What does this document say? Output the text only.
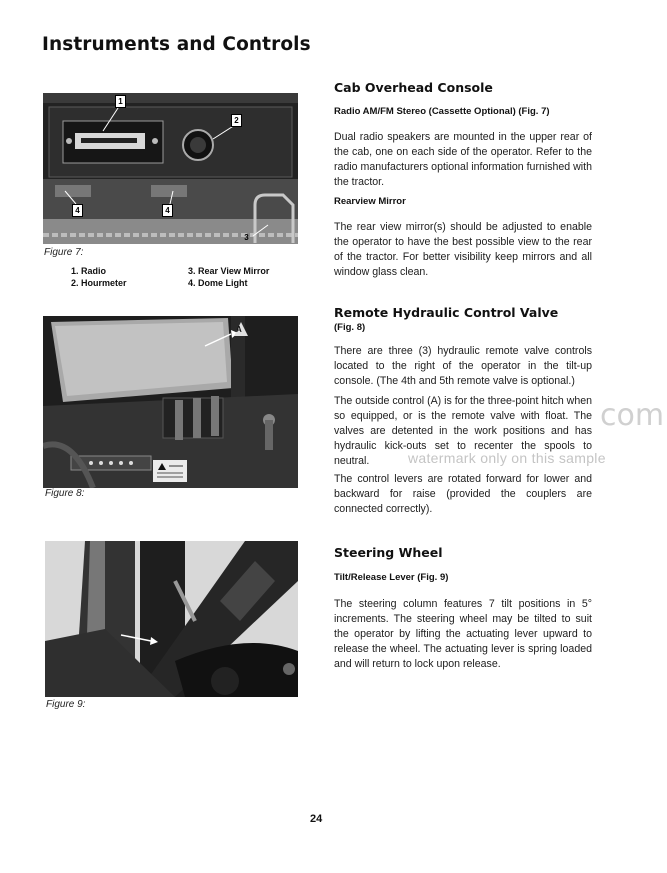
Instruments and Controls
1
2
4	4
3
Figure 7:
1. Radio	3. Rear View Mirror
2. Hourmeter	4. Dome Light
A
Figure 8:
Figure 9:
Cab Overhead Console
Radio AM/FM Stereo (Cassette Optional) (Fig. 7)

Dual radio speakers are mounted in the upper rear of the cab, one on each side of the operator. Refer to the radio manufacturers optional information furnished with the tractor.

Rearview Mirror

The rear view mirror(s) should be adjusted to enable the operator to have the best possible view to the rear of the tractor. For better visibility keep mirrors and all window glass clean.

Remote Hydraulic Control Valve
(Fig. 8)

There are three (3) hydraulic remote valve controls located to the right of the operator in the tilt-up console. (The 4th and 5th remote valve is optional.)

The outside control (A) is for the three-point hitch when so equipped, or is the remote valve with float. The valves are detented in the work positions and has hydraulic kick-outs set to recenter the spools to neutral.

The control levers are rotated forward for lower and backward for raise (provided the couplers are connected correctly).

Steering Wheel
Tilt/Release Lever (Fig. 9)

The steering column features 7 tilt positions in 5° increments. The steering wheel may be tilted to suit the operator by lifting the actuating lever upward to release the wheel. The actuating lever is spring loaded and will return to lock upon release.

com
watermark only on this sample
24
